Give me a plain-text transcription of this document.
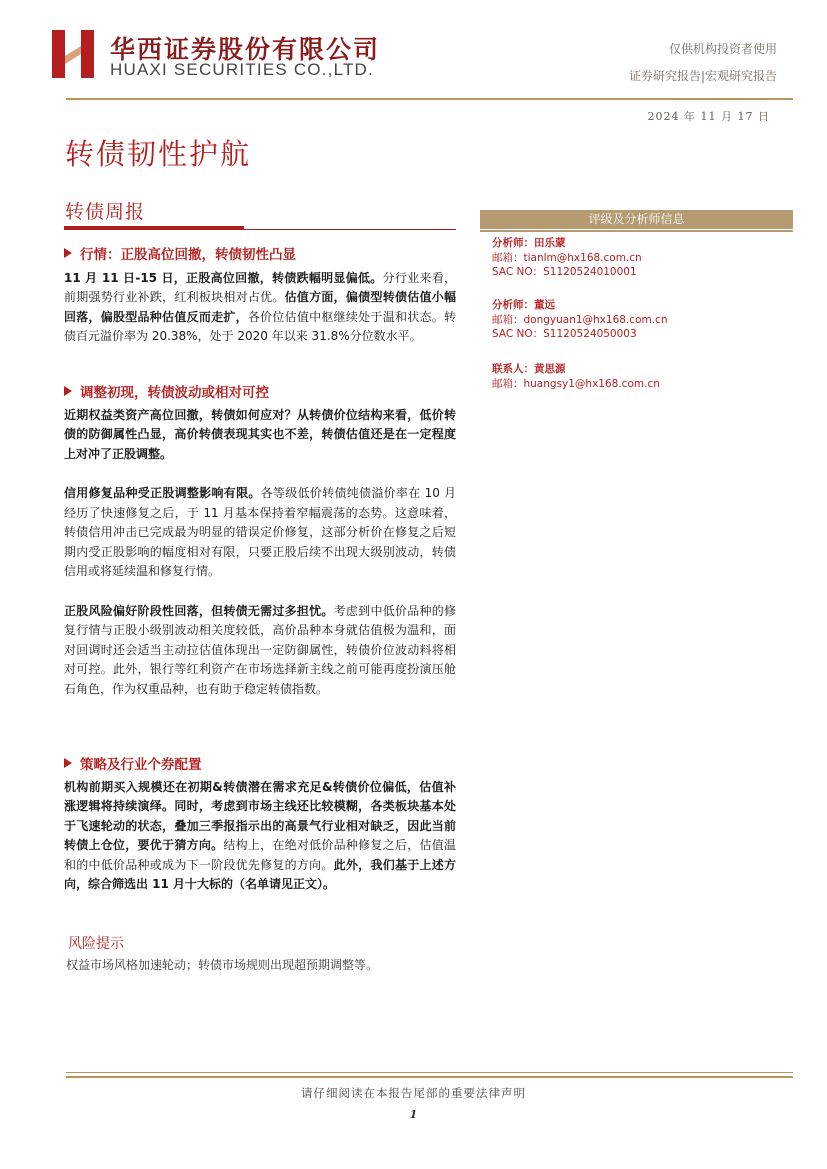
华西证券股份有限公司
HUAXI SECURITIES CO.,LTD.
仅供机构投资者使用
证券研究报告|宏观研究报告
2024 年 11 月 17 日
转债韧性护航
转债周报	评级及分析师信息
分析师：田乐蒙
邮箱：tianlm@hx168.com.cn
SAC NO：S1120524010001
分析师：董远
邮箱：dongyuan1@hx168.com.cn
SAC NO：S1120524050003
联系人：黄思源
邮箱：huangsy1@hx168.com.cn
行情：正股高位回撤，转债韧性凸显

11 月 11 日-15 日，正股高位回撤，转债跌幅明显偏低。分行业来看，前期强势行业补跌，红利板块相对占优。估值方面，偏债型转债估值小幅回落，偏股型品种估值反而走扩，各价位估值中枢继续处于温和状态。转债百元溢价率为 20.38%，处于 2020 年以来 31.8%分位数水平。

调整初现，转债波动或相对可控

近期权益类资产高位回撤，转债如何应对？从转债价位结构来看，低价转债的防御属性凸显，高价转债表现其实也不差，转债估值还是在一定程度上对冲了正股调整。

信用修复品种受正股调整影响有限。各等级低价转债纯债溢价率在 10 月经历了快速修复之后，于 11 月基本保持着窄幅震荡的态势。这意味着，转债信用冲击已完成最为明显的错误定价修复，这部分析价在修复之后短期内受正股影响的幅度相对有限，只要正股后续不出现大级别波动，转债信用或将延续温和修复行情。

正股风险偏好阶段性回落，但转债无需过多担忧。考虑到中低价品种的修复行情与正股小级别波动相关度较低，高价品种本身就估值极为温和，面对回调时还会适当主动拉估值体现出一定防御属性，转债价位波动料将相对可控。此外，银行等红利资产在市场选择新主线之前可能再度扮演压舱石角色，作为权重品种，也有助于稳定转债指数。

策略及行业个券配置

机构前期买入规模还在初期&转债潜在需求充足&转债价位偏低，估值补涨逻辑将持续演绎。同时，考虑到市场主线还比较模糊，各类板块基本处于飞速轮动的状态，叠加三季报指示出的高景气行业相对缺乏，因此当前转债上仓位，要优于猜方向。结构上，在绝对低价品种修复之后，估值温和的中低价品种或成为下一阶段优先修复的方向。此外，我们基于上述方向，综合筛选出 11 月十大标的（名单请见正文）。

风险提示
权益市场风格加速轮动；转债市场规则出现超预期调整等。
请仔细阅读在本报告尾部的重要法律声明
1
